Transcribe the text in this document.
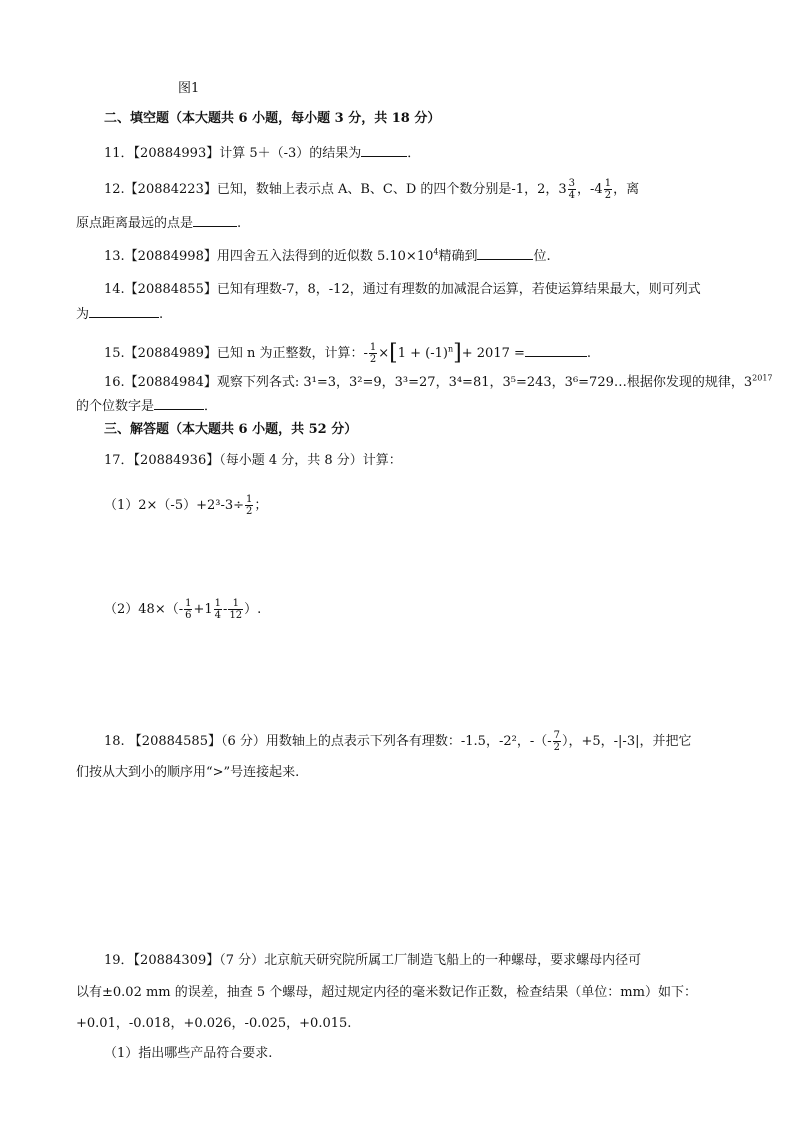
图1
二、填空题（本大题共 6 小题，每小题 3 分，共 18 分）
11．【20884993】计算 5＋（-3）的结果为	．
12.【20884223】已知，数轴上表示点 A、B、C、D 的四个数分别是-1，2，$3 \frac{3}{4}$ ，$-4 \frac{1}{2}$ ，离
原点距离最远的点是	.
13.【20884998】用四舍五入法得到的近似数 $5.10\times 10^4$精确到	位.
14.【20884855】已知有理数-7，8，-12，通过有理数的加减混合运算，若使运算结果最大，则可列式
为	.
15.【20884989】已知 n 为正整数，计算：- $\frac{1}{2} \times[1 + (-1)^n]+ 2017$ =	.
16.【20884984】观察下列各式: 3¹=3，3²=9，3³=27，3⁴=81，3⁵=243，3⁶=729…根据你发现的规律，$3^{2017}$
的个位数字是	．
三、解答题（本大题共 6 小题，共 52 分）
17．【20884936】（每小题 4 分，共 8 分）计算：
$(1)2\times(-5)+2^3-3\div \frac{1}{2}$ ；
$(2)48\times(- \frac{1}{6} +1 \frac{1}{4} - \frac{1}{12}$ ）.
18. 【20884585】（6 分）用数轴上的点表示下列各有理数：-1.5，-2²，-（- $\frac{7}{2}$ ），+5，-|-3|，并把它
们按从大到小的顺序用“>”号连接起来.
19．【20884309】（7 分）北京航天研究院所属工厂制造飞船上的一种螺母，要求螺母内径可
以有±0.02 mm 的误差，抽查 5 个螺母，超过规定内径的毫米数记作正数，检查结果（单位：mm）如下：
+0.01，-0.018，+0.026，-0.025，+0.015.
（1）指出哪些产品符合要求.
